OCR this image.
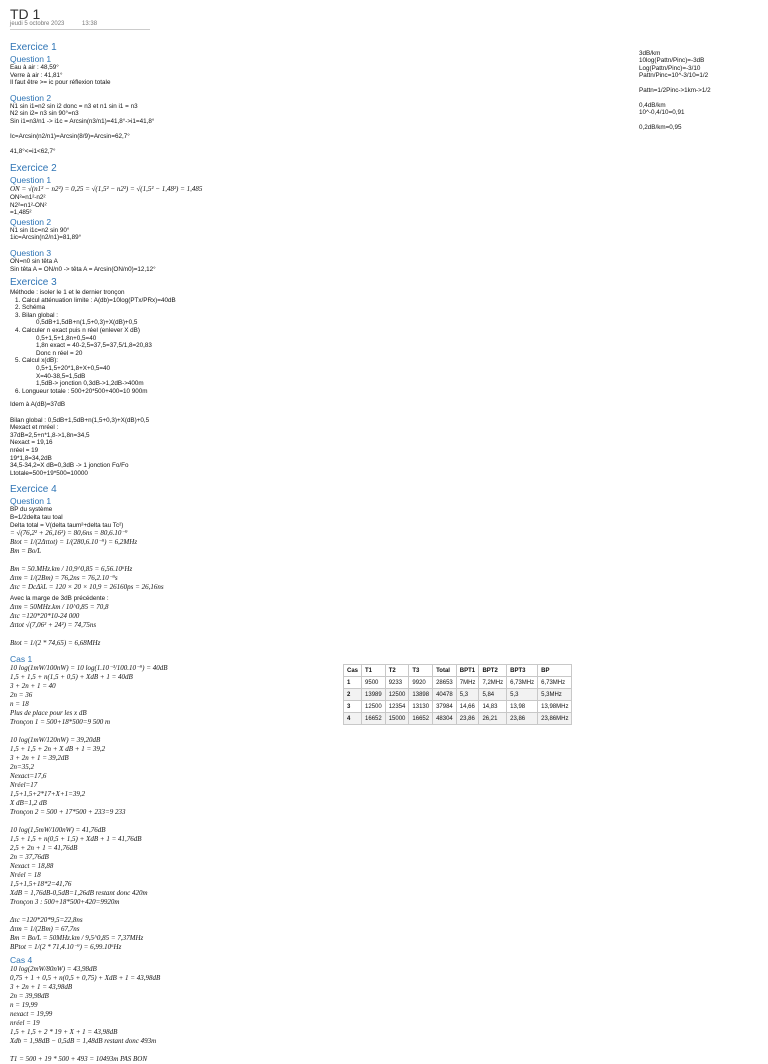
TD 1
jeudi 5 octobre 2023	13:38
3dB/km
10log(Pattn/Pinc)=-3dB
Log(Pattn/Pinc)=-3/10
Pattn/Pinc=10^-3/10=1/2

Pattn=1/2Pinc->1km->1/2

0,4dB/km
10^-0,4/10=0,91

0,2dB/km=0,95
Exercice 1
Question 1
Eau à air : 48,59°
Verre à air : 41,81°
Il faut être >= ic pour réflexion totale
Question 2
N1 sin i1=n2 sin i2 donc = n3 et n1 sin i1 = n3
N2 sin i2= n3 sin 90°=n3
Sin i1=n3/n1 -> i1c = Arcsin(n3/n1)=41,8°->i1=41,8°

Ic=Arcsin(n2/n1)=Arcsin(8/9)=Arcsin=62,7°

41,8°<=i1<62,7°
Exercice 2
Question 1
ON = √(n1² − n2²) = 0,25 = √(1,5² − n2²) = √(1,5² − 1,48²) = 1,485
ON²=n1²-n2²
N2²=n1²-ON²
=1,485²
Question 2
N1 sin i1c=n2 sin 90°
1ic=Arcsin(n2/n1)=81,89°
Question 3
ON=n0 sin têta A
Sin têta A = ON/n0 -> têta A = Arcsin(ON/n0)=12,12°
Exercice 3
Méthode : isoler le 1 et le dernier tronçon
1. Calcul atténuation limite : A(db)=10log(PTx/PRx)=40dB
2. Schéma
3. Bilan global :
0,5dB+1,5dB+n(1,5+0,3)+X(dB)+0,5
4. Calculer n exact puis n réel (enlever X dB)
0,5+1,5+1,8n+0,5=40
1,8n exact = 40-2,5=37,5=37,5/1,8=20,83
Donc n réel = 20
5. Calcul x(dB):
0,5+1,5+20*1,8+X+0,5=40
X=40-38,5=1,5dB
1,5dB-> jonction 0,3dB->1,2dB->400m
6. Longueur totale : 500+20*500+400=10 900m
Idem à A(dB)=37dB

Bilan global : 0,5dB+1,5dB+n(1,5+0,3)+X(dB)+0,5
Mexact et mréel :
37dB=2,5+n*1,8->1,8n=34,5
Nexact = 19,16
nréel = 19
19*1,8=34,2dB
34,5-34,2=X dB=0,3dB -> 1 jonction Fo/Fo
Ltotale=500+19*500=10000
Exercice 4
Question 1
BP du système
B=1/2delta tau toal
Delta total = V(delta taum²+delta tau Tc²)
= √(76,2² + 26,16²) = 80,6ns = 80,6.10⁻⁹
Btot = 1/(2Δτtot) = 1/(280,6.10⁻⁹) = 6,2MHz
Bm = Bo/L

Bm = 50.MHz.km / 10,9^0,85 = 6,56.10⁶Hz
Δτm = 1/(2Bm) = 76,2ns = 76,2.10⁻⁹s
Δτc = DcΔλL = 120 × 20 × 10,9 = 26160ps = 26,16ns
Avec la marge de 3dB précédente :
Δτm = 50MHz.km / 10^0,85 = 70,8
Δτc =120*20*10-24 000
Δτtot √(7,06² + 24²) = 74,75ns

Btot = 1/(2 * 74,65) = 6,68MHz
Cas 1
10 log(1mW/100nW) = 10 log(1.10⁻³/100.10⁻⁹) = 40dB
1,5 + 1,5 + n(1,5 + 0,5) + XdB + 1 = 40dB
3 + 2n + 1 = 40
2n = 36
n = 18
Plus de place pour les x dB
Tronçon 1 = 500+18*500=9 500 m

10 log(1mW/120nW) = 39,20dB
1,5 + 1,5 + 2n + X dB + 1 = 39,2
3 + 2n + 1 = 39,2dB
2n=35,2
Nexact=17,6
Nréel=17
1,5+1,5+2*17+X+1=39,2
X dB=1,2 dB
Tronçon 2 = 500 + 17*500 + 233=9 233

10 log(1,5mW/100nW) = 41,76dB
1,5 + 1,5 + n(0,5 + 1,5) + XdB + 1 = 41,76dB
2,5 + 2n + 1 = 41,76dB
2n = 37,76dB
Nexact = 18,88
Nréel = 18
1,5+1,5+18*2=41,76
XdB = 1,76dB-0,5dB=1,26dB restant donc 420m
Tronçon 3 : 500+18*500+420=9920m

Δτc =120*20*9,5=22,8ns
Δτm = 1/(2Bm) = 67,7ns
Bm = Bo/L = 50MHz.km / 9,5^0,85 = 7,37MHz
BPtot = 1/(2 * 71,4.10⁻⁹) = 6,99.10⁶Hz
Cas 4
10 log(2mW/80nW) = 43,98dB
0,75 + 1 + 0,5 + n(0,5 + 0,75) + XdB + 1 = 43,98dB
3 + 2n + 1 = 43,98dB
2n = 39,98dB
n = 19,99
nexact = 19,99
nréel = 19
1,5 + 1,5 + 2 * 19 + X + 1 = 43,98dB
Xdb = 1,98dB − 0,5dB = 1,48dB restant donc 493m

T1 = 500 + 19 * 500 + 493 = 10493m PAS BON
Cas	T1	T2	T3	Total	BPT1	BPT2	BPT3	BP
1	9500	9233	9920	28653	7MHz	7,2MHz	6,73MHz	6,73MHz
2	13989	12500	13898	40478	5,3	5,84	5,3	5,3MHz
3	12500	12354	13130	37984	14,66	14,83	13,98	13,98MHz
4	16652	15000	16652	48304	23,86	26,21	23,86	23,86MHz
